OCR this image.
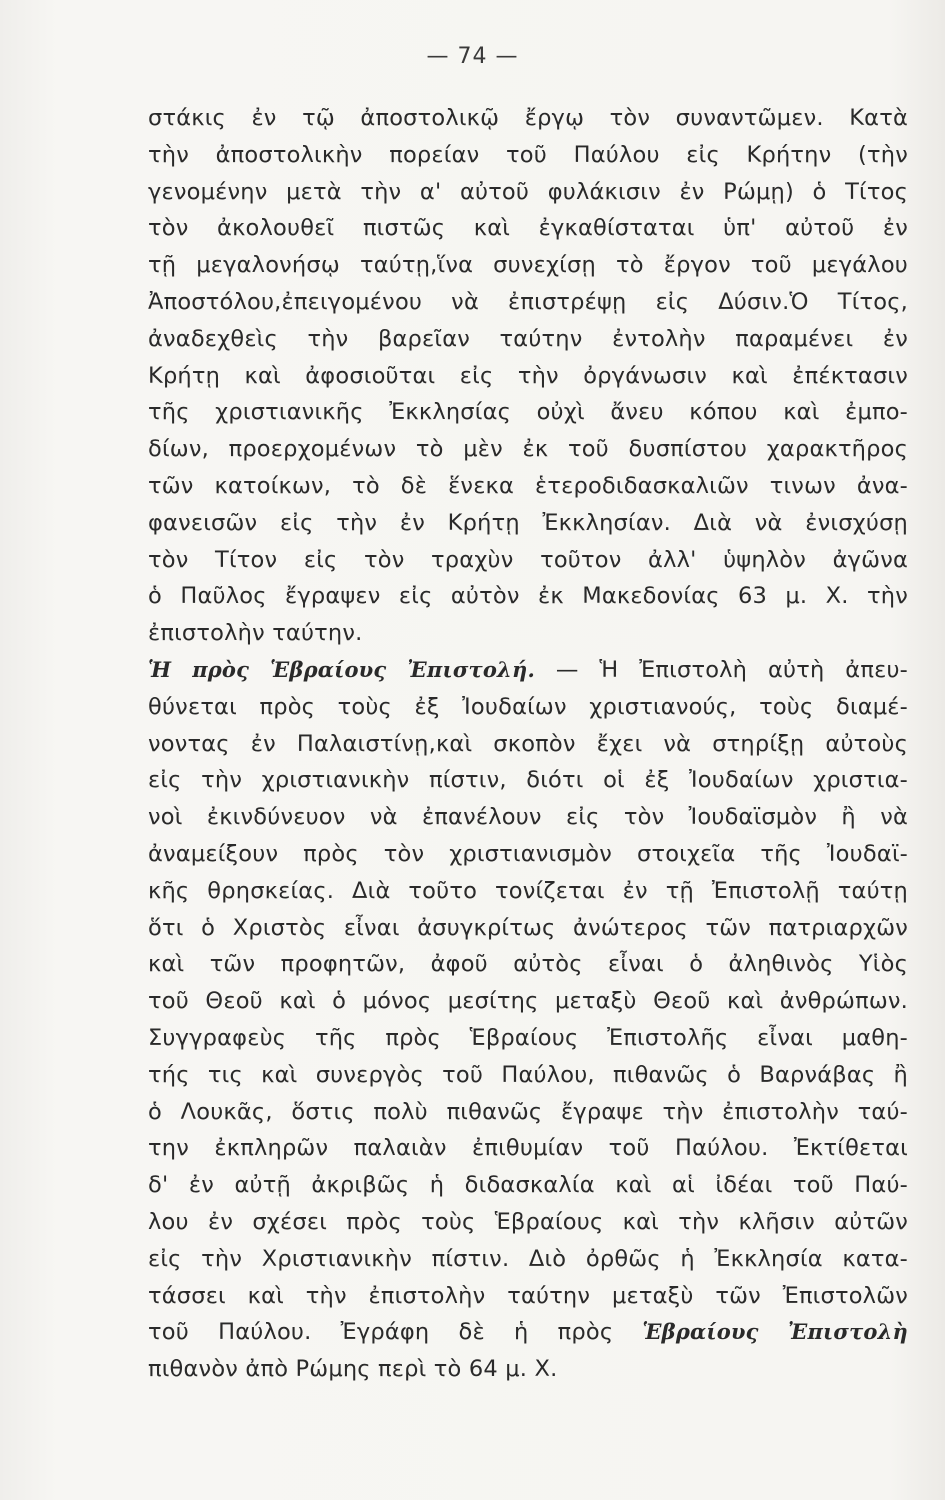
— 74 —
στάκις ἐν τῷ ἀποστολικῷ ἔργῳ τὸν συναντῶμεν. Κατὰ
τὴν ἀποστολικὴν πορείαν τοῦ Παύλου εἰς Κρήτην (τὴν
γενομένην μετὰ τὴν α' αὐτοῦ φυλάκισιν ἐν Ρώμῃ) ὁ Τίτος
τὸν ἀκολουθεῖ πιστῶς καὶ ἐγκαθίσταται ὑπ' αὐτοῦ ἐν
τῇ μεγαλονήσῳ ταύτῃ,ἵνα συνεχίσῃ τὸ ἔργον τοῦ μεγάλου
Ἀποστόλου,ἐπειγομένου νὰ ἐπιστρέψῃ εἰς Δύσιν.Ὁ Τίτος,
ἀναδεχθεὶς τὴν βαρεῖαν ταύτην ἐντολὴν παραμένει ἐν
Κρήτῃ καὶ ἀφοσιοῦται εἰς τὴν ὀργάνωσιν καὶ ἐπέκτασιν
τῆς χριστιανικῆς Ἐκκλησίας οὐχὶ ἄνευ κόπου καὶ ἐμπο-
δίων, προερχομένων τὸ μὲν ἐκ τοῦ δυσπίστου χαρακτῆρος
τῶν κατοίκων, τὸ δὲ ἕνεκα ἑτεροδιδασκαλιῶν τινων ἀνα-
φανεισῶν εἰς τὴν ἐν Κρήτῃ Ἐκκλησίαν. Διὰ νὰ ἐνισχύσῃ
τὸν Τίτον εἰς τὸν τραχὺν τοῦτον ἀλλ' ὑψηλὸν ἀγῶνα
ὁ Παῦλος ἔγραψεν εἰς αὐτὸν ἐκ Μακεδονίας 63 μ. Χ. τὴν
ἐπιστολὴν ταύτην.
Ἡ πρὸς Ἑβραίους Ἐπιστολή. — Ἡ Ἐπιστολὴ αὐτὴ ἀπευ-
θύνεται πρὸς τοὺς ἐξ Ἰουδαίων χριστιανούς, τοὺς διαμέ-
νοντας ἐν Παλαιστίνῃ,καὶ σκοπὸν ἔχει νὰ στηρίξῃ αὐτοὺς
εἰς τὴν χριστιανικὴν πίστιν, διότι οἱ ἐξ Ἰουδαίων χριστια-
νοὶ ἐκινδύνευον νὰ ἐπανέλουν εἰς τὸν Ἰουδαϊσμὸν ἢ νὰ
ἀναμείξουν πρὸς τὸν χριστιανισμὸν στοιχεῖα τῆς Ἰουδαϊ-
κῆς θρησκείας. Διὰ τοῦτο τονίζεται ἐν τῇ Ἐπιστολῇ ταύτῃ
ὅτι ὁ Χριστὸς εἶναι ἀσυγκρίτως ἀνώτερος τῶν πατριαρχῶν
καὶ τῶν προφητῶν, ἀφοῦ αὐτὸς εἶναι ὁ ἀληθινὸς Υἱὸς
τοῦ Θεοῦ καὶ ὁ μόνος μεσίτης μεταξὺ Θεοῦ καὶ ἀνθρώπων.
Συγγραφεὺς τῆς πρὸς Ἑβραίους Ἐπιστολῆς εἶναι μαθη-
τής τις καὶ συνεργὸς τοῦ Παύλου, πιθανῶς ὁ Βαρνάβας ἢ
ὁ Λουκᾶς, ὅστις πολὺ πιθανῶς ἔγραψε τὴν ἐπιστολὴν ταύ-
την ἐκπληρῶν παλαιὰν ἐπιθυμίαν τοῦ Παύλου. Ἐκτίθεται
δ' ἐν αὐτῇ ἀκριβῶς ἡ διδασκαλία καὶ αἱ ἰδέαι τοῦ Παύ-
λου ἐν σχέσει πρὸς τοὺς Ἑβραίους καὶ τὴν κλῆσιν αὐτῶν
εἰς τὴν Χριστιανικὴν πίστιν. Διὸ ὀρθῶς ἡ Ἐκκλησία κατα-
τάσσει καὶ τὴν ἐπιστολὴν ταύτην μεταξὺ τῶν Ἐπιστολῶν
τοῦ Παύλου. Ἐγράφη δὲ ἡ πρὸς Ἑβραίους Ἐπιστολὴ
πιθανὸν ἀπὸ Ρώμης περὶ τὸ 64 μ. Χ.
